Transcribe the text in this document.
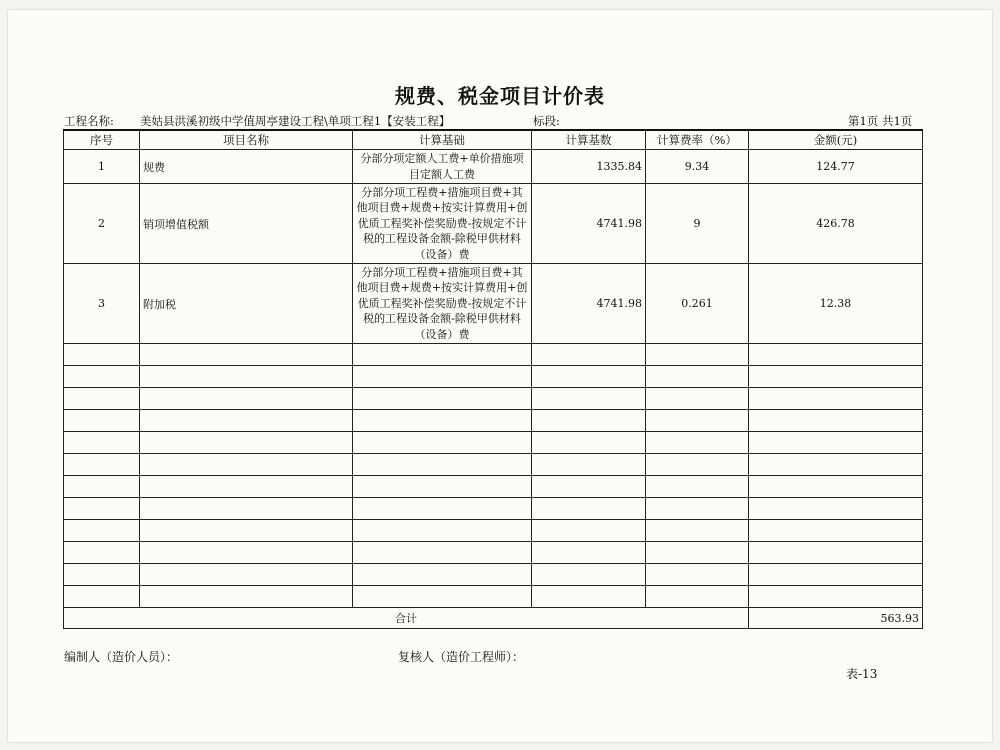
规费、税金项目计价表
工程名称: 美姑县洪溪初级中学值周亭建设工程\单项工程1【安装工程】	标段:	第1页 共1页
序号	项目名称	计算基础	计算基数	计算费率（%）	金额(元)
1	规费	分部分项定额人工费+单价措施项目定额人工费	1335.84	9.34	124.77
2	销项增值税额	分部分项工程费+措施项目费+其他项目费+规费+按实计算费用+创优质工程奖补偿奖励费-按规定不计税的工程设备金额-除税甲供材料（设备）费	4741.98	9	426.78
3	附加税	分部分项工程费+措施项目费+其他项目费+规费+按实计算费用+创优质工程奖补偿奖励费-按规定不计税的工程设备金额-除税甲供材料（设备）费	4741.98	0.261	12.38

合计					563.93
编制人（造价人员）：	复核人（造价工程师）：
表-13
